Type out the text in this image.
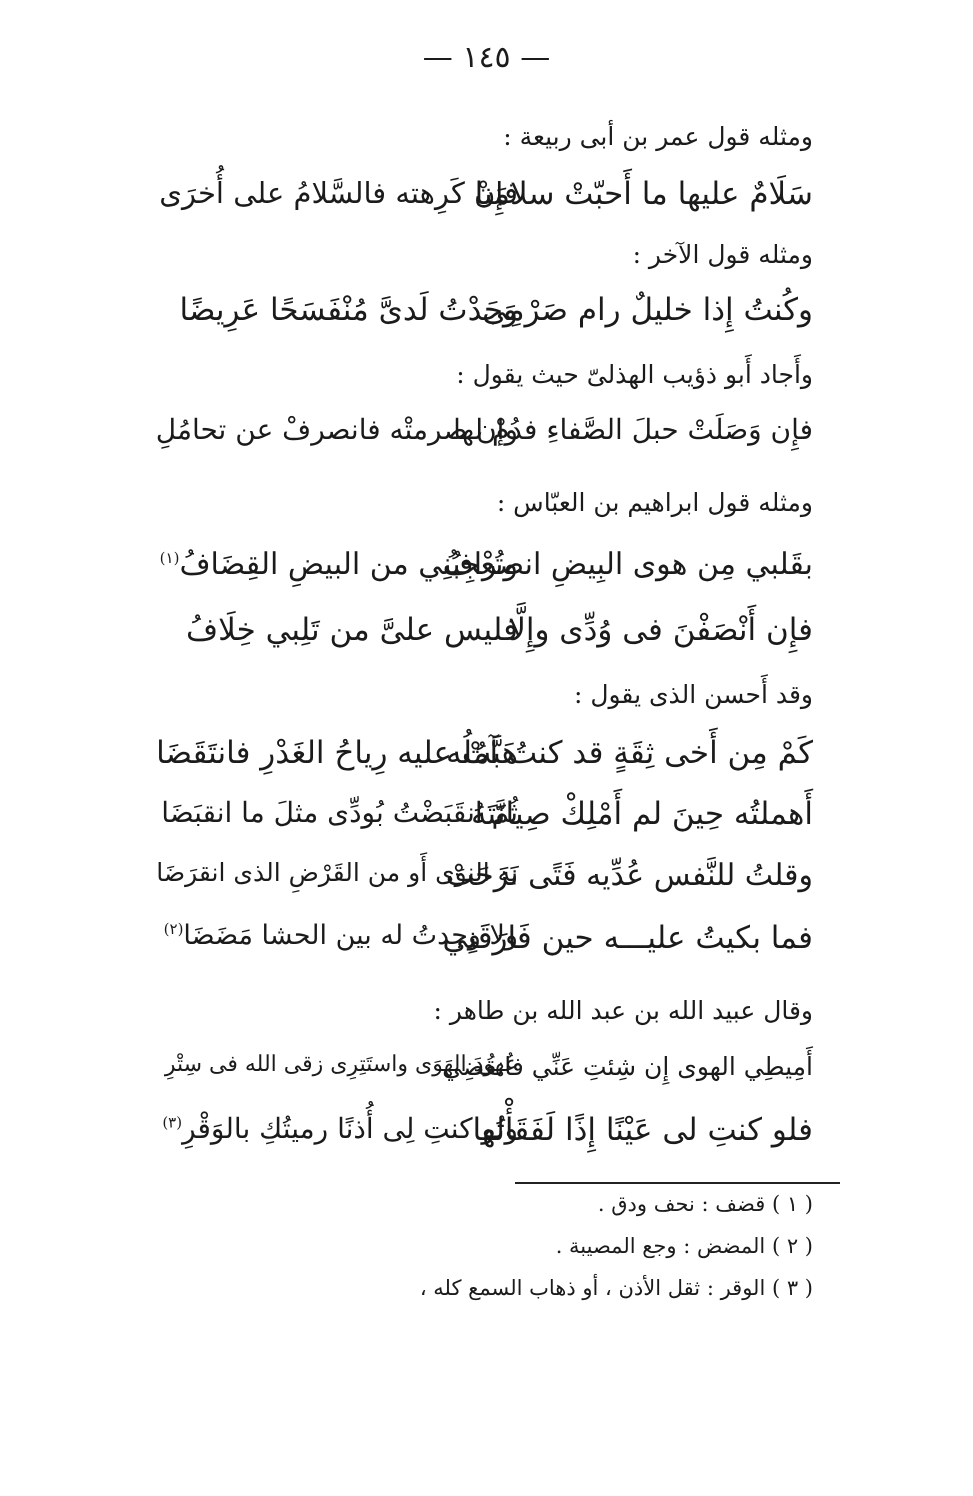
— ١٤٥ —
ومثله قول عمر بن أبى ربيعة :
سَلَامٌ عليها ما أَحبّتْ سلامَنا
فإِنْ كَرِهته فالسَّلامُ على أُخرَى
ومثله قول الآخر :
وكُنتُ إِذا خليلٌ رام صَرْمِى
وَجَدْتُ لَدىَّ مُنْفَسَحًا عَرِيضًا
وأَجاد أَبو ذؤيب الهذلىّ حيث يقول :
فإِن وَصَلَتْ حبلَ الصَّفاءِ فدُمْ لها
وإن صرمتْه فانصرفْ عن تحامُلِ
ومثله قول ابراهيم بن العبّاس :
بقَلبي مِن هوى البِيضِ انصرافُ
وتُعْجِبُنِي من البيضِ القِضَافُ$^{(١)}$
فإِن أَنْصَفْنَ فى وُدِّى وإِلَّا
فليس علىَّ من تَلِبي خِلَافُ
وقد أَحسن الذى يقول :
كَمْ مِن أَخى ثِقَةٍ قد كنتُ آمُلُه
هَبَّتْ عليه رِياحُ الغَدْرِ فانتَقَضَا
أَهملتُه حِينَ لم أَمْلِكْ صِيانَتَهُ
ثُمَّ انقَبَضْتُ بُودِّى مثلَ ما انقبَضَا
وقلتُ للنَّفس عُدِّيه فَتًى نَزَحَتْ
به النوَى أَو من القَرْضِ الذى انقرَضَا
فما بكيتُ عليـــه حين فَارَقَنِي
ولا وجدتُ له بين الحشا مَضَضَا$^{(٢)}$
وقال عبيد الله بن عبد الله بن طاهر :
أَمِيطِي الهوى إِن شِئتِ عَنِّي فانقُضِي
عُهودَ الهَوَى واستَتِرِى زقى الله فى سِتْرِ
فلو كنتِ لى عَيْنًا إِذًا لَفَقَأْتُها
ولو كنتِ لِى أُذنًا رميتُكِ بالوَقْرِ$^{(٣)}$
( ١ ) قضف : نحف ودق .
( ٢ ) المضض : وجع المصيبة .
( ٣ ) الوقر : ثقل الأذن ، أو ذهاب السمع كله ،
